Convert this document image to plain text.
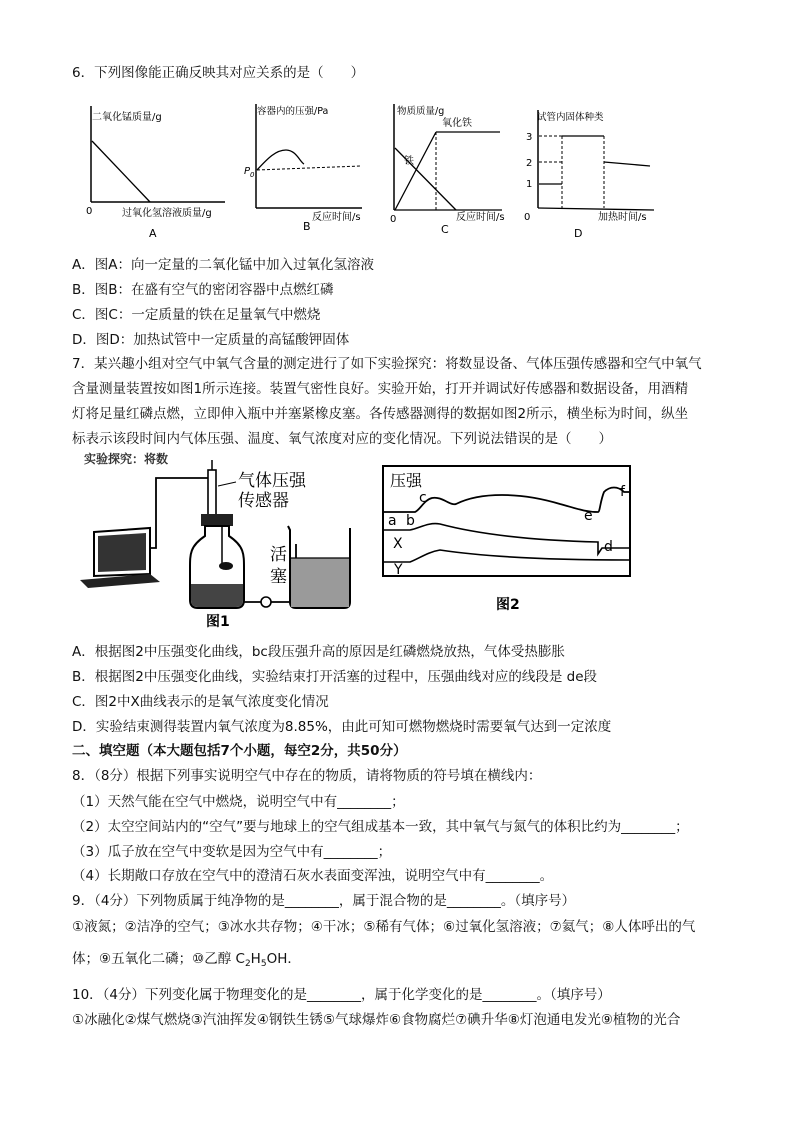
6．下列图像能正确反映其对应关系的是（　　）
二氧化锰质量/g
0	过氧化氢溶液质量/g
A
容器内的压强/Pa
$P_0$
反应时间/s
B
物质质量/g
铁
氧化铁
0	反应时间/s
C
试管内固体种类
3
2
1
0	加热时间/s
D
A．图A：向一定量的二氧化锰中加入过氧化氢溶液
B．图B：在盛有空气的密闭容器中点燃红磷
C．图C：一定质量的铁在足量氧气中燃烧
D．图D：加热试管中一定质量的高锰酸钾固体
7．某兴趣小组对空气中氧气含量的测定进行了如下实验探究：将数显设备、气体压强传感器和空气中氧气
含量测量装置按如图1所示连接。装置气密性良好。实验开始，打开并调试好传感器和数据设备，用酒精
灯将足量红磷点燃，立即伸入瓶中并塞紧橡皮塞。各传感器测得的数据如图2所示，横坐标为时间，纵坐
标表示该段时间内气体压强、温度、氧气浓度对应的变化情况。下列说法错误的是（　　）
实验探究：将数
气体压强
传感器
活
塞
图1
压强
a b
c
e
f
d
X
Y
图2
A．根据图2中压强变化曲线，bc段压强升高的原因是红磷燃烧放热，气体受热膨胀
B．根据图2中压强变化曲线，实验结束打开活塞的过程中，压强曲线对应的线段是 de段
C．图2中X曲线表示的是氧气浓度变化情况
D．实验结束测得装置内氧气浓度为8.85%，由此可知可燃物燃烧时需要氧气达到一定浓度
二、填空题（本大题包括7个小题，每空2分，共50分）
8．（8分）根据下列事实说明空气中存在的物质，请将物质的符号填在横线内：
（1）天然气能在空气中燃烧，说明空气中有________；
（2）太空空间站内的“空气”要与地球上的空气组成基本一致，其中氧气与氮气的体积比约为________；
（3）瓜子放在空气中变软是因为空气中有________；
（4）长期敞口存放在空气中的澄清石灰水表面变浑浊，说明空气中有________。
9．（4分）下列物质属于纯净物的是________，属于混合物的是________。（填序号）
①液氮；②洁净的空气；③冰水共存物；④干冰；⑤稀有气体；⑥过氧化氢溶液；⑦氦气；⑧人体呼出的气
体；⑨五氧化二磷；⑩乙醇 $C_2H_5OH$．
10．（4分）下列变化属于物理变化的是________，属于化学变化的是________。（填序号）
①冰融化②煤气燃烧③汽油挥发④钢铁生锈⑤气球爆炸⑥食物腐烂⑦碘升华⑧灯泡通电发光⑨植物的光合
